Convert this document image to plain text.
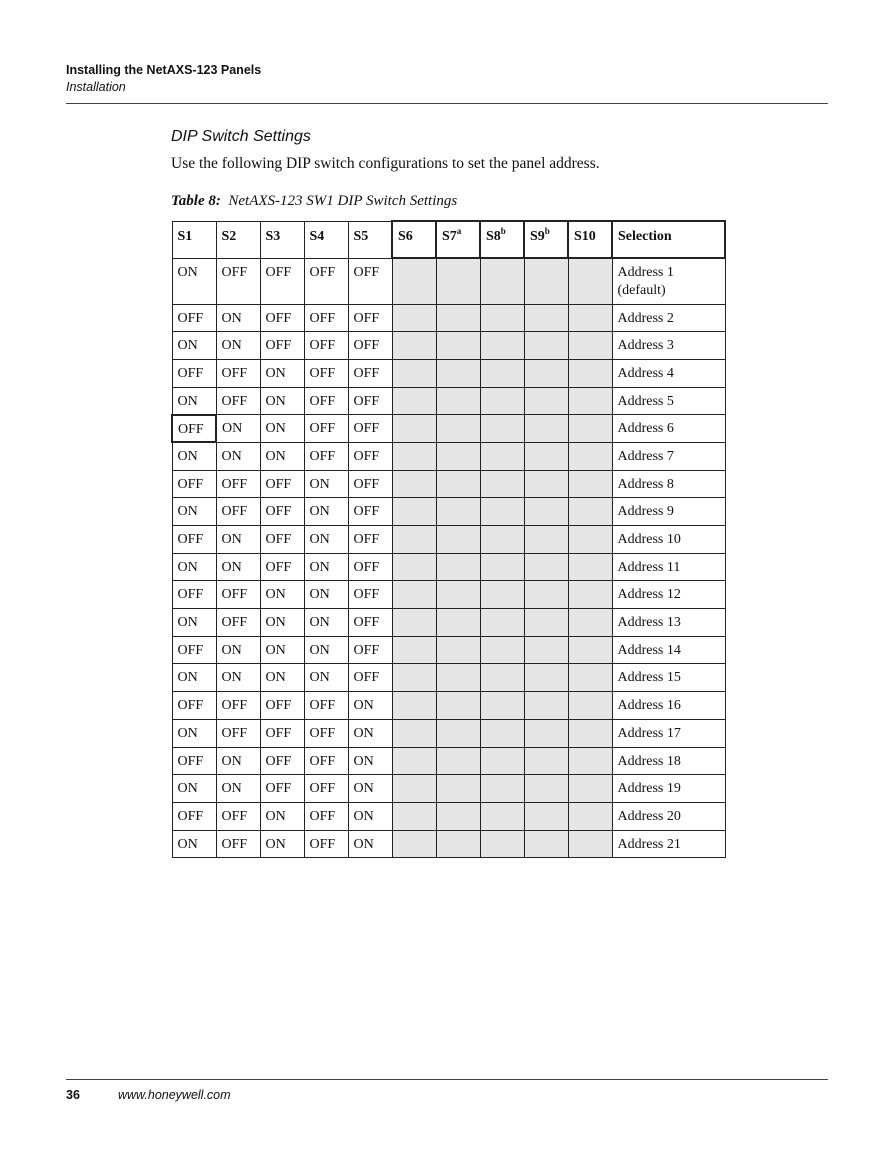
Installing the NetAXS-123 Panels
Installation
DIP Switch Settings
Use the following DIP switch configurations to set the panel address.
Table 8: NetAXS-123 SW1 DIP Switch Settings
S1	S2	S3	S4	S5	S6	S7$^a$	S8$^b$	S9$^b$	S10	Selection
ON	OFF	OFF	OFF	OFF						Address 1
(default)

OFF	ON	OFF	OFF	OFF						Address 2

ON	ON	OFF	OFF	OFF						Address 3

OFF	OFF	ON	OFF	OFF						Address 4

ON	OFF	ON	OFF	OFF						Address 5

OFF	ON	ON	OFF	OFF						Address 6

ON	ON	ON	OFF	OFF						Address 7

OFF	OFF	OFF	ON	OFF						Address 8

ON	OFF	OFF	ON	OFF						Address 9

OFF	ON	OFF	ON	OFF						Address 10

ON	ON	OFF	ON	OFF						Address 11

OFF	OFF	ON	ON	OFF						Address 12

ON	OFF	ON	ON	OFF						Address 13

OFF	ON	ON	ON	OFF						Address 14

ON	ON	ON	ON	OFF						Address 15

OFF	OFF	OFF	OFF	ON						Address 16

ON	OFF	OFF	OFF	ON						Address 17

OFF	ON	OFF	OFF	ON						Address 18

ON	ON	OFF	OFF	ON						Address 19

OFF	OFF	ON	OFF	ON						Address 20

ON	OFF	ON	OFF	ON						Address 21
36	www.honeywell.com
